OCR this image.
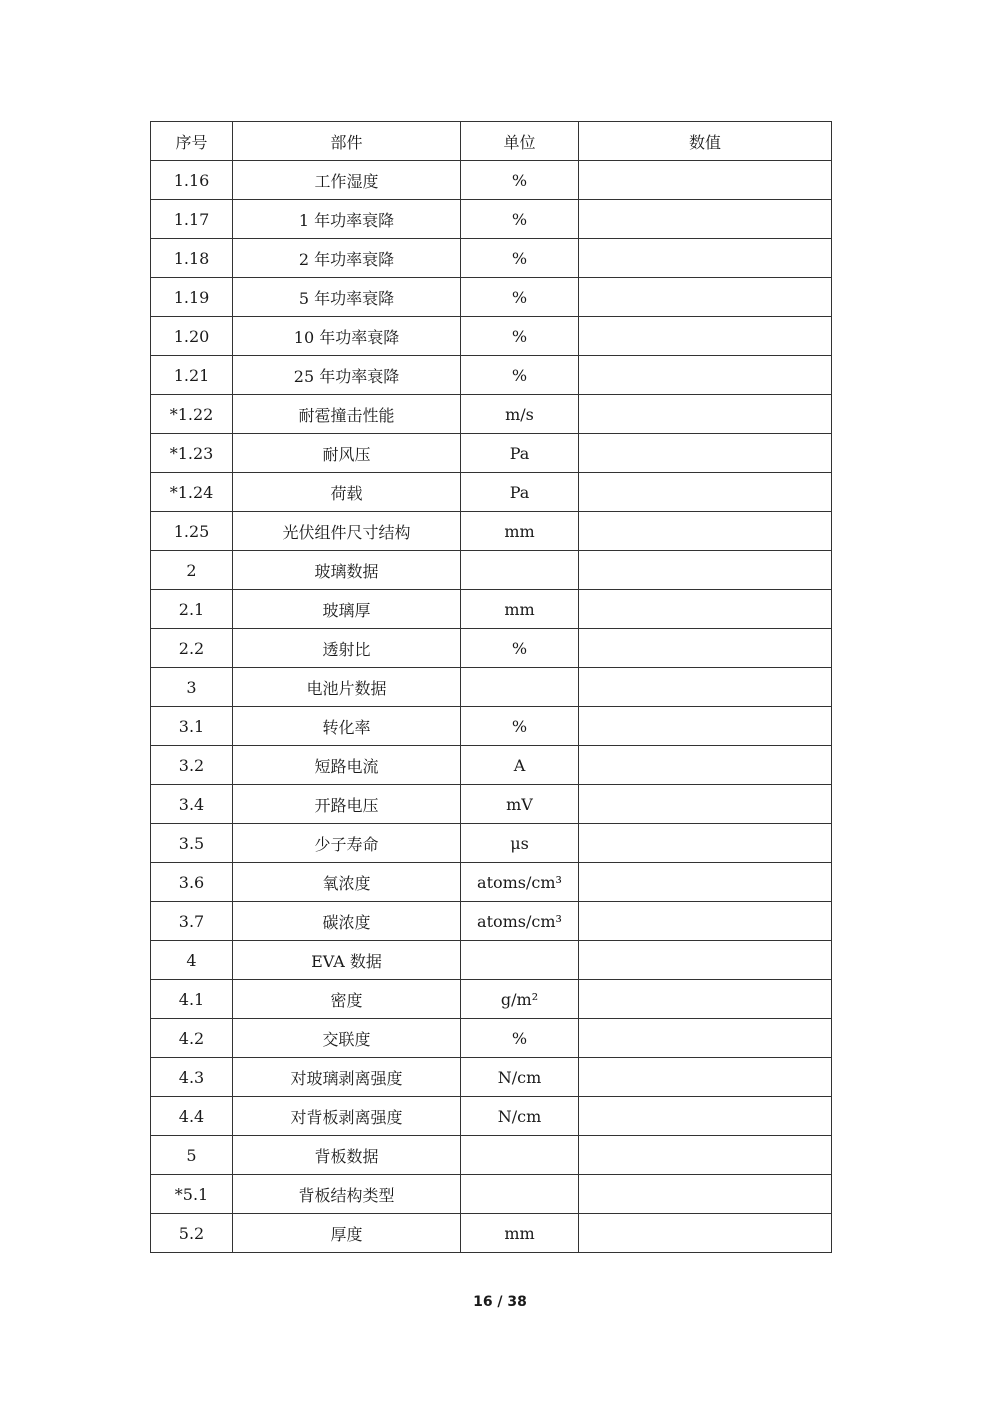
序号	部件	单位	数值
1.16	工作湿度	%	
1.17	1 年功率衰降	%	
1.18	2 年功率衰降	%	
1.19	5 年功率衰降	%	
1.20	10 年功率衰降	%	
1.21	25 年功率衰降	%	
*1.22	耐雹撞击性能	m/s	
*1.23	耐风压	Pa	
*1.24	荷载	Pa	
1.25	光伏组件尺寸结构	mm	
2	玻璃数据		
2.1	玻璃厚	mm	
2.2	透射比	%	
3	电池片数据		
3.1	转化率	%	
3.2	短路电流	A	
3.4	开路电压	mV	
3.5	少子寿命	μs	
3.6	氧浓度	atoms/cm³	
3.7	碳浓度	atoms/cm³	
4	EVA 数据		
4.1	密度	g/m²	
4.2	交联度	%	
4.3	对玻璃剥离强度	N/cm	
4.4	对背板剥离强度	N/cm	
5	背板数据		
*5.1	背板结构类型		
5.2	厚度	mm	
16 / 38
